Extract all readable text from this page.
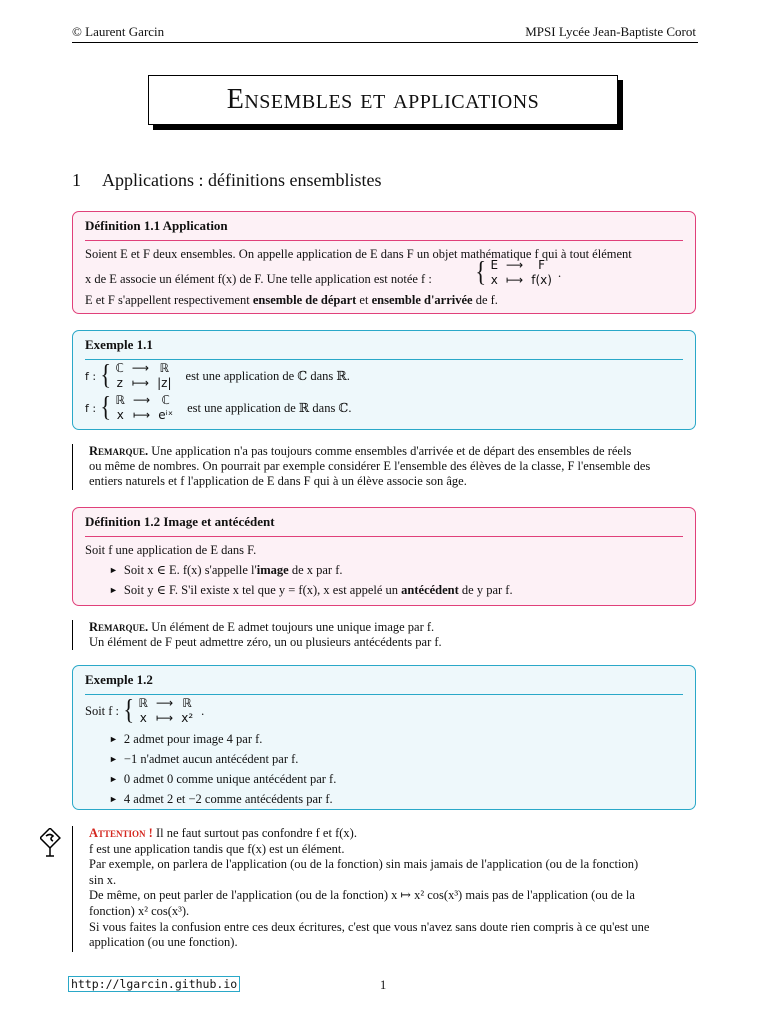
© Laurent Garcin	MPSI Lycée Jean-Baptiste Corot
Ensembles et applications
1 Applications : définitions ensemblistes
Définition 1.1 Application
Soient E et F deux ensembles. On appelle application de E dans F un objet mathématique f qui à tout élément
x de E associe un élément f(x) de F. Une telle application est notée f : { E ⟶	F
x ⟼ f(x)
.
E et F s'appellent respectivement ensemble de départ et ensemble d'arrivée de f.
Exemple 1.1
f : { ℂ ⟶ ℝ
z ⟼ |z| est une application de ℂ dans ℝ.
f : { ℝ ⟶ ℂ
x ⟼ eⁱˣ est une application de ℝ dans ℂ.
Remarque. Une application n'a pas toujours comme ensembles d'arrivée et de départ des ensembles de réels
ou même de nombres. On pourrait par exemple considérer E l'ensemble des élèves de la classe, F l'ensemble des
entiers naturels et f l'application de E dans F qui à un élève associe son âge.
Définition 1.2 Image et antécédent
Soit f une application de E dans F.
► Soit x ∈ E. f(x) s'appelle l'image de x par f.
► Soit y ∈ F. S'il existe x tel que y = f(x), x est appelé un antécédent de y par f.
Remarque. Un élément de E admet toujours une unique image par f.
Un élément de F peut admettre zéro, un ou plusieurs antécédents par f.
Exemple 1.2
Soit f : { ℝ ⟶ ℝ
x ⟼ x²
.
► 2 admet pour image 4 par f.
► −1 n'admet aucun antécédent par f.
► 0 admet 0 comme unique antécédent par f.
► 4 admet 2 et −2 comme antécédents par f.
Attention ! Il ne faut surtout pas confondre f et f(x).
f est une application tandis que f(x) est un élément.
Par exemple, on parlera de l'application (ou de la fonction) sin mais jamais de l'application (ou de la fonction)
sin x.
De même, on peut parler de l'application (ou de la fonction) x ↦ x² cos(x³) mais pas de l'application (ou de la
fonction) x² cos(x³).
Si vous faites la confusion entre ces deux écritures, c'est que vous n'avez sans doute rien compris à ce qu'est une
application (ou une fonction).
http://lgarcin.github.io	1
